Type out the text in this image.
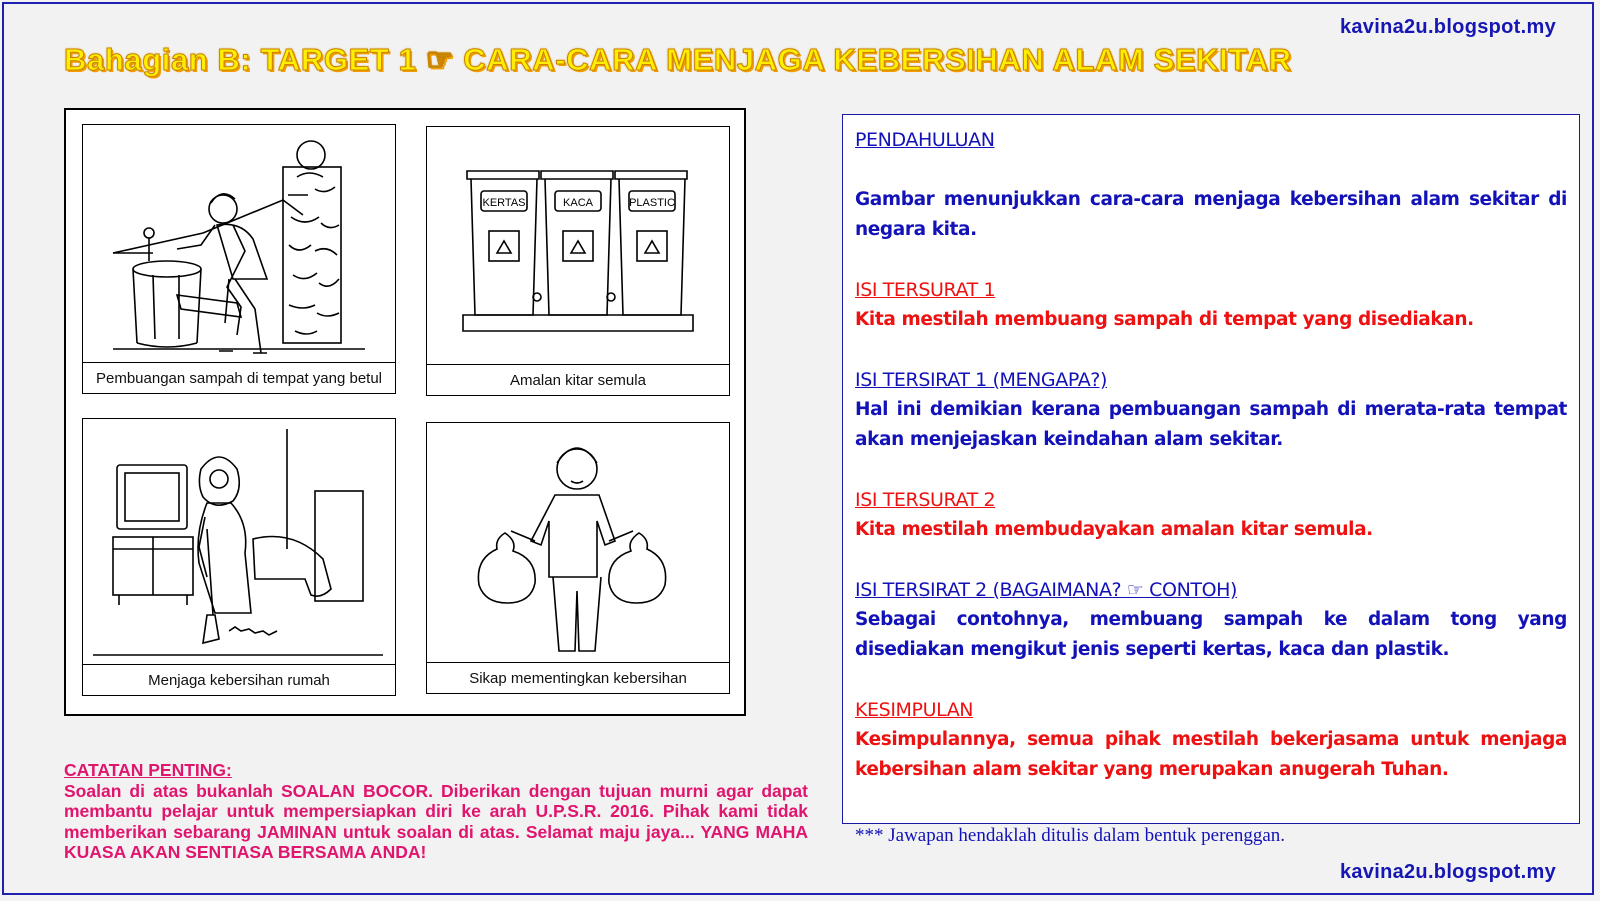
kavina2u.blogspot.my
Bahagian B: TARGET 1 ☞ CARA-CARA MENJAGA KEBERSIHAN ALAM SEKITAR
Pembuangan sampah di tempat yang betul
KERTAS	KACA	PLASTIC
Amalan kitar semula
Menjaga kebersihan rumah	Sikap mementingkan kebersihan
CATATAN PENTING:
Soalan di atas bukanlah SOALAN BOCOR. Diberikan dengan tujuan murni agar dapat membantu pelajar untuk mempersiapkan diri ke arah U.P.S.R. 2016. Pihak kami tidak memberikan sebarang JAMINAN untuk soalan di atas. Selamat maju jaya... YANG MAHA KUASA AKAN SENTIASA BERSAMA ANDA!

PENDAHULUAN

Gambar menunjukkan cara-cara menjaga kebersihan alam sekitar di negara kita.

ISI TERSURAT 1

Kita mestilah membuang sampah di tempat yang disediakan.

ISI TERSIRAT 1 (MENGAPA?)

Hal ini demikian kerana pembuangan sampah di merata-rata tempat akan menjejaskan keindahan alam sekitar.

ISI TERSURAT 2

Kita mestilah membudayakan amalan kitar semula.

ISI TERSIRAT 2 (BAGAIMANA? ☞ CONTOH)

Sebagai contohnya, membuang sampah ke dalam tong yang disediakan mengikut jenis seperti kertas, kaca dan plastik.

KESIMPULAN

Kesimpulannya, semua pihak mestilah bekerjasama untuk menjaga kebersihan alam sekitar yang merupakan anugerah Tuhan.

*** Jawapan hendaklah ditulis dalam bentuk perenggan.

kavina2u.blogspot.my
